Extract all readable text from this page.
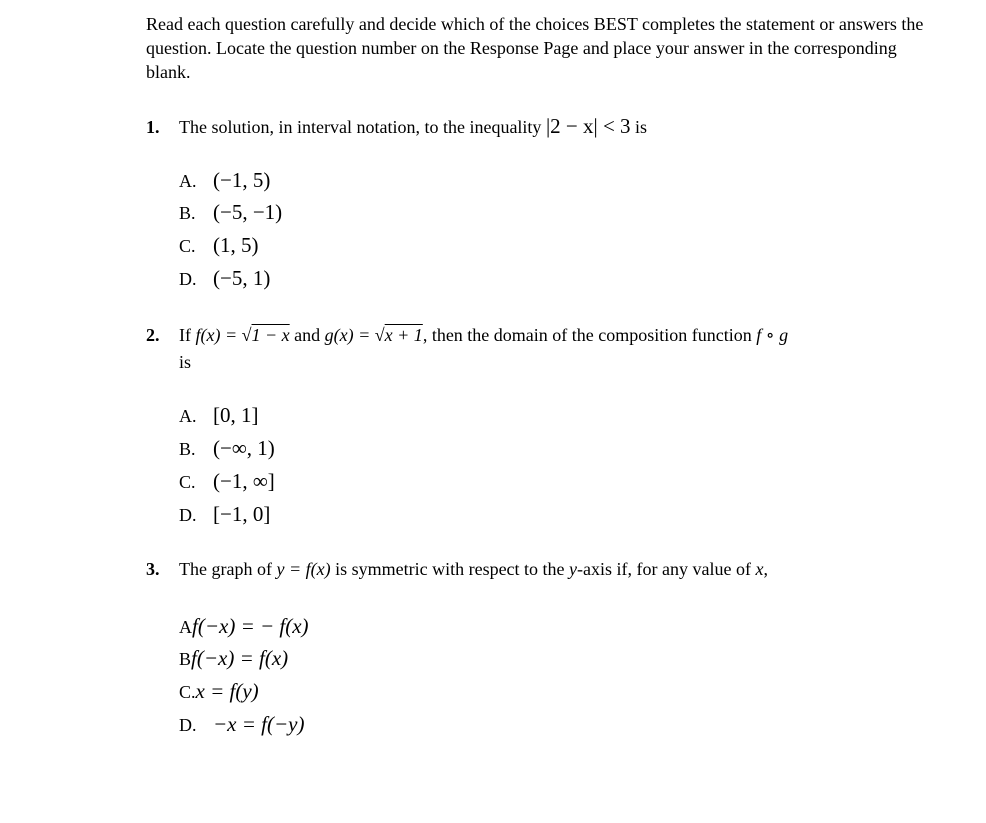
Read each question carefully and decide which of the choices BEST completes the statement or answers the question. Locate the question number on the Response Page and place your answer in the corresponding blank.

1. The solution, in interval notation, to the inequality |2 − x| < 3 is
A. (−1, 5)
B. (−5, −1)
C. (1, 5)
D. (−5, 1)
2. If f(x) = √1 − x and g(x) = √x + 1, then the domain of the composition function f ∘ g
is
A. [0, 1]
B. (−∞, 1)
C. (−1, ∞]
D. [−1, 0]
3. The graph of y = f(x) is symmetric with respect to the y-axis if, for any value of x,
Af(−x) = − f(x)
Bf(−x) = f(x)
C.x = f(y)
D. −x = f(−y)
